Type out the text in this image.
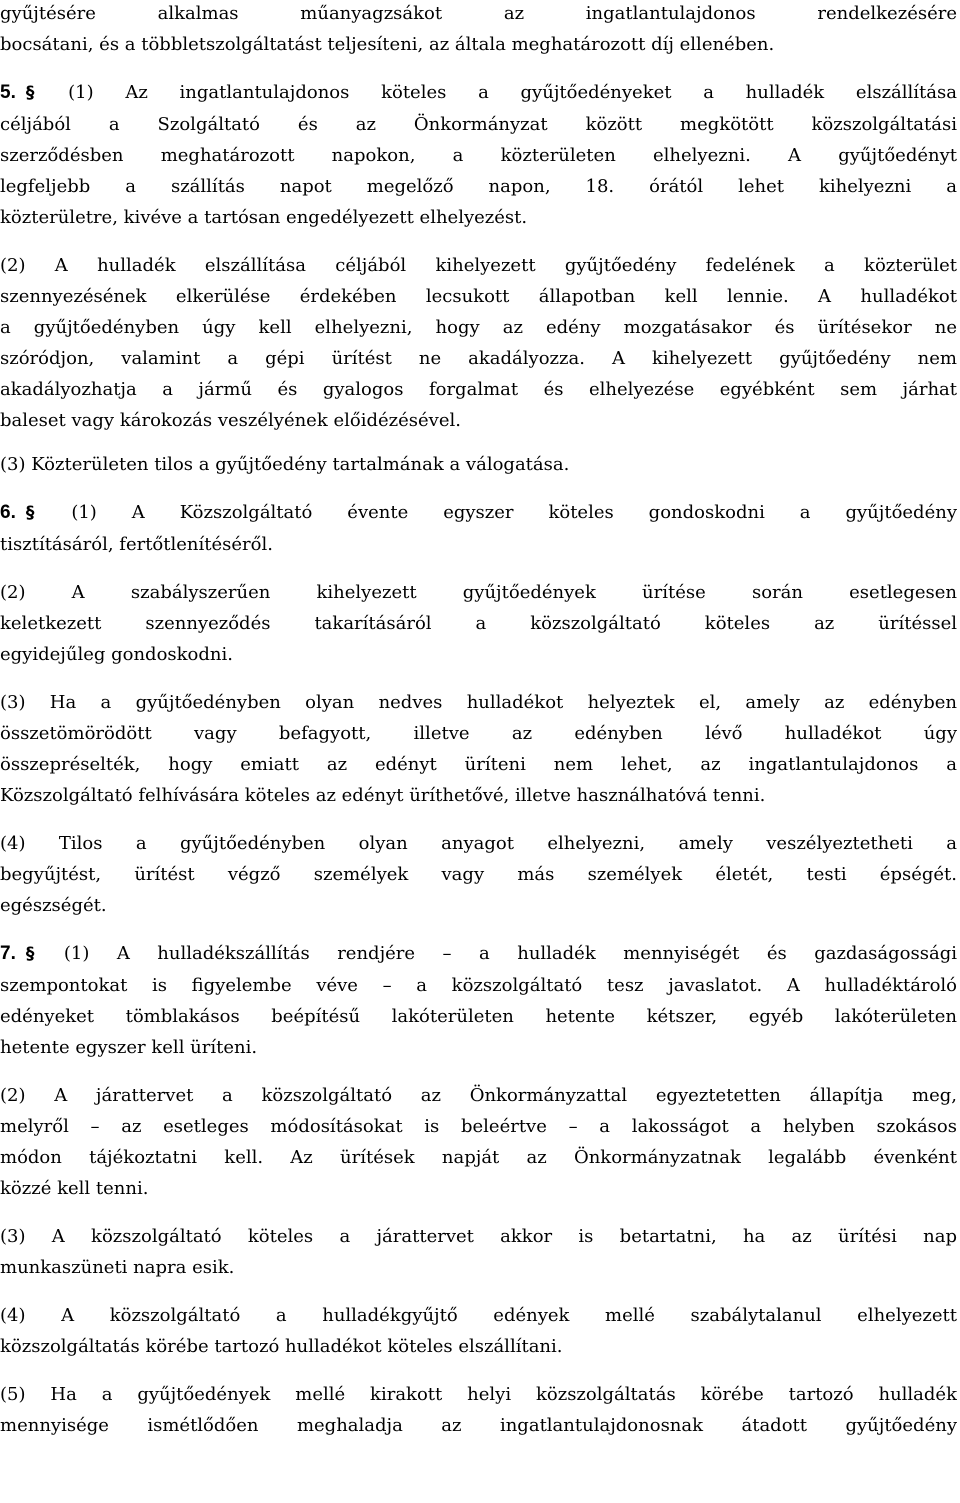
gyűjtésére alkalmas műanyagzsákot az ingatlantulajdonos rendelkezésére
bocsátani, és a többletszolgáltatást teljesíteni, az általa meghatározott díj ellenében.

5. § (1) Az ingatlantulajdonos köteles a gyűjtőedényeket a hulladék elszállítása
céljából a Szolgáltató és az Önkormányzat között megkötött közszolgáltatási
szerződésben meghatározott napokon, a közterületen elhelyezni. A gyűjtőedényt
legfeljebb a szállítás napot megelőző napon, 18. órától lehet kihelyezni a
közterületre, kivéve a tartósan engedélyezett elhelyezést.

(2) A hulladék elszállítása céljából kihelyezett gyűjtőedény fedelének a közterület
szennyezésének elkerülése érdekében lecsukott állapotban kell lennie. A hulladékot
a gyűjtőedényben úgy kell elhelyezni, hogy az edény mozgatásakor és ürítésekor ne
szóródjon, valamint a gépi ürítést ne akadályozza. A kihelyezett gyűjtőedény nem
akadályozhatja a jármű és gyalogos forgalmat és elhelyezése egyébként sem járhat
baleset vagy károkozás veszélyének előidézésével.

(3) Közterületen tilos a gyűjtőedény tartalmának a válogatása.

6. § (1) A Közszolgáltató évente egyszer köteles gondoskodni a gyűjtőedény
tisztításáról, fertőtlenítéséről.

(2) A szabályszerűen kihelyezett gyűjtőedények ürítése során esetlegesen
keletkezett szennyeződés takarításáról a közszolgáltató köteles az ürítéssel
egyidejűleg gondoskodni.

(3) Ha a gyűjtőedényben olyan nedves hulladékot helyeztek el, amely az edényben
összetömörödött vagy befagyott, illetve az edényben lévő hulladékot úgy
összepréselték, hogy emiatt az edényt üríteni nem lehet, az ingatlantulajdonos a
Közszolgáltató felhívására köteles az edényt üríthetővé, illetve használhatóvá tenni.

(4) Tilos a gyűjtőedényben olyan anyagot elhelyezni, amely veszélyeztetheti a
begyűjtést, ürítést végző személyek vagy más személyek életét, testi épségét.
egészségét.

7. § (1) A hulladékszállítás rendjére – a hulladék mennyiségét és gazdaságossági
szempontokat is figyelembe véve – a közszolgáltató tesz javaslatot. A hulladéktároló
edényeket tömblakásos beépítésű lakóterületen hetente kétszer, egyéb lakóterületen
hetente egyszer kell üríteni.

(2) A járattervet a közszolgáltató az Önkormányzattal egyeztetetten állapítja meg,
melyről – az esetleges módosításokat is beleértve – a lakosságot a helyben szokásos
módon tájékoztatni kell. Az ürítések napját az Önkormányzatnak legalább évenként
közzé kell tenni.

(3) A közszolgáltató köteles a járattervet akkor is betartatni, ha az ürítési nap
munkaszüneti napra esik.

(4) A közszolgáltató a hulladékgyűjtő edények mellé szabálytalanul elhelyezett
közszolgáltatás körébe tartozó hulladékot köteles elszállítani.

(5) Ha a gyűjtőedények mellé kirakott helyi közszolgáltatás körébe tartozó hulladék
mennyisége ismétlődően meghaladja az ingatlantulajdonosnak átadott gyűjtőedény
